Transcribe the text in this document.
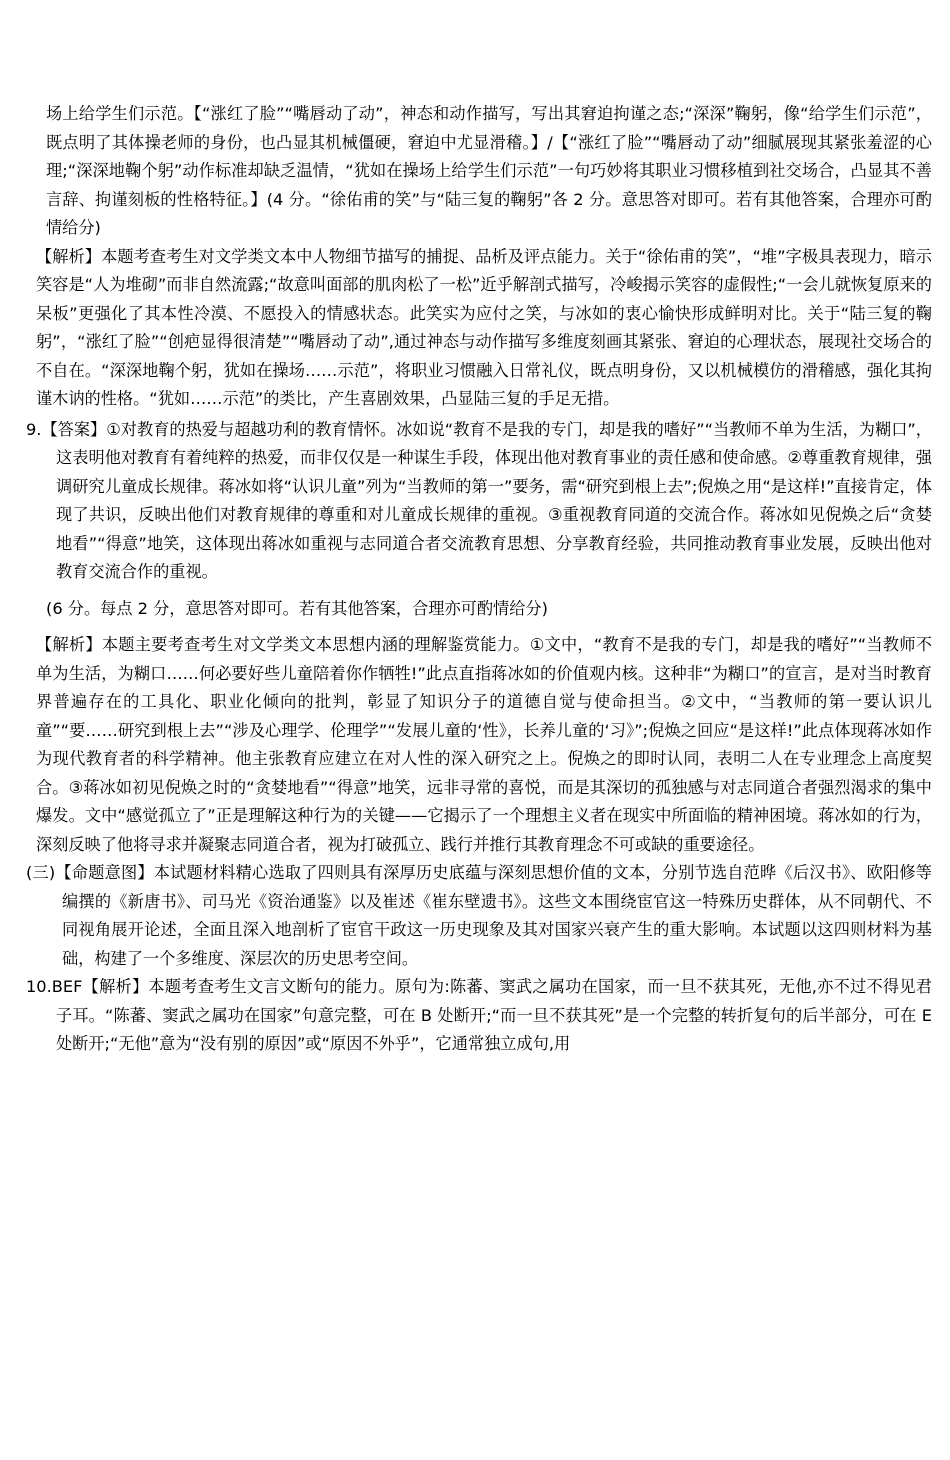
场上给学生们示范。【“涨红了脸”“嘴唇动了动”，神态和动作描写，写出其窘迫拘谨之态;“深深”鞠躬，像“给学生们示范”，既点明了其体操老师的身份，也凸显其机械僵硬，窘迫中尤显滑稽。】/【“涨红了脸”“嘴唇动了动”细腻展现其紧张羞涩的心理;“深深地鞠个躬”动作标准却缺乏温情，“犹如在操场上给学生们示范”一句巧妙将其职业习惯移植到社交场合，凸显其不善言辞、拘谨刻板的性格特征。】(4 分。“徐佑甫的笑”与“陆三复的鞠躬”各 2 分。意思答对即可。若有其他答案，合理亦可酌情给分)

【解析】本题考查考生对文学类文本中人物细节描写的捕捉、品析及评点能力。关于“徐佑甫的笑”，“堆”字极具表现力，暗示笑容是“人为堆砌”而非自然流露;“故意叫面部的肌肉松了一松”近乎解剖式描写，冷峻揭示笑容的虚假性;“一会儿就恢复原来的呆板”更强化了其本性冷漠、不愿投入的情感状态。此笑实为应付之笑，与冰如的衷心愉快形成鲜明对比。关于“陆三复的鞠躬”，“涨红了脸”“创疤显得很清楚”“嘴唇动了动”,通过神态与动作描写多维度刻画其紧张、窘迫的心理状态，展现社交场合的不自在。“深深地鞠个躬，犹如在操场……示范”，将职业习惯融入日常礼仪，既点明身份，又以机械模仿的滑稽感，强化其拘谨木讷的性格。“犹如……示范”的类比，产生喜剧效果，凸显陆三复的手足无措。

9.【答案】①对教育的热爱与超越功利的教育情怀。冰如说“教育不是我的专门，却是我的嗜好”“当教师不单为生活，为糊口”，这表明他对教育有着纯粹的热爱，而非仅仅是一种谋生手段，体现出他对教育事业的责任感和使命感。②尊重教育规律，强调研究儿童成长规律。蒋冰如将“认识儿童”列为“当教师的第一”要务，需“研究到根上去”;倪焕之用“是这样!”直接肯定，体现了共识，反映出他们对教育规律的尊重和对儿童成长规律的重视。③重视教育同道的交流合作。蒋冰如见倪焕之后“贪婪地看”“得意”地笑，这体现出蒋冰如重视与志同道合者交流教育思想、分享教育经验，共同推动教育事业发展，反映出他对教育交流合作的重视。

(6 分。每点 2 分，意思答对即可。若有其他答案，合理亦可酌情给分)

【解析】本题主要考查考生对文学类文本思想内涵的理解鉴赏能力。①文中，“教育不是我的专门，却是我的嗜好”“当教师不单为生活，为糊口……何必要好些儿童陪着你作牺牲!”此点直指蒋冰如的价值观内核。这种非“为糊口”的宣言，是对当时教育界普遍存在的工具化、职业化倾向的批判，彰显了知识分子的道德自觉与使命担当。②文中，“当教师的第一要认识儿童”“要……研究到根上去”“涉及心理学、伦理学”“发展儿童的‘性》，长养儿童的‘习》”;倪焕之回应“是这样!”此点体现蒋冰如作为现代教育者的科学精神。他主张教育应建立在对人性的深入研究之上。倪焕之的即时认同，表明二人在专业理念上高度契合。③蒋冰如初见倪焕之时的“贪婪地看”“得意”地笑，远非寻常的喜悦，而是其深切的孤独感与对志同道合者强烈渴求的集中爆发。文中“感觉孤立了”正是理解这种行为的关键——它揭示了一个理想主义者在现实中所面临的精神困境。蒋冰如的行为，深刻反映了他将寻求并凝聚志同道合者，视为打破孤立、践行并推行其教育理念不可或缺的重要途径。

(三)【命题意图】本试题材料精心选取了四则具有深厚历史底蕴与深刻思想价值的文本，分别节选自范晔《后汉书》、欧阳修等编撰的《新唐书》、司马光《资治通鉴》以及崔述《崔东壁遗书》。这些文本围绕宦官这一特殊历史群体，从不同朝代、不同视角展开论述，全面且深入地剖析了宦官干政这一历史现象及其对国家兴衰产生的重大影响。本试题以这四则材料为基础，构建了一个多维度、深层次的历史思考空间。

10.BEF【解析】本题考查考生文言文断句的能力。原句为:陈蕃、窦武之属功在国家，而一旦不获其死，无他,亦不过不得见君子耳。“陈蕃、窦武之属功在国家”句意完整，可在 B 处断开;“而一旦不获其死”是一个完整的转折复句的后半部分，可在 E 处断开;“无他”意为“没有别的原因”或“原因不外乎”，它通常独立成句,用
